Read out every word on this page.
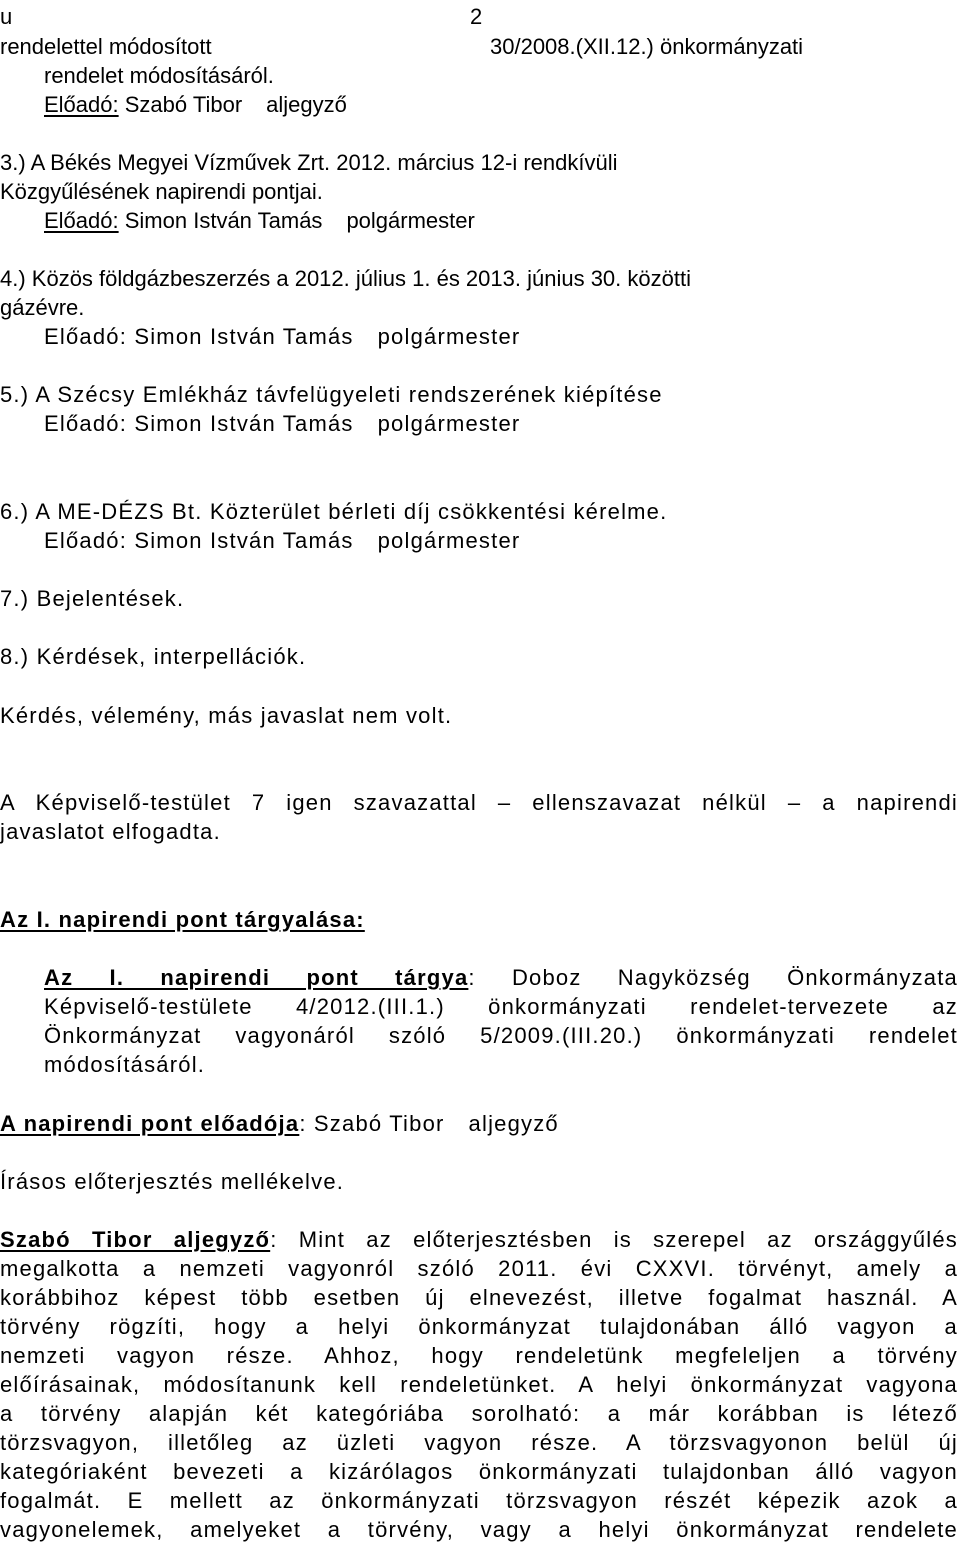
u	2
rendelettel módosított	30/2008.(XII.12.) önkormányzati
rendelet módosításáról.
Előadó: Szabó Tibor aljegyző
3.) A Békés Megyei Vízművek Zrt. 2012. március 12-i rendkívüli
Közgyűlésének napirendi pontjai.
Előadó: Simon István Tamás polgármester
4.) Közös földgázbeszerzés a 2012. július 1. és 2013. június 30. közötti
gázévre.
Előadó: Simon István Tamás polgármester
5.) A Szécsy Emlékház távfelügyeleti rendszerének kiépítése
Előadó: Simon István Tamás polgármester
6.) A ME-DÉZS Bt. Közterület bérleti díj csökkentési kérelme.
Előadó: Simon István Tamás polgármester
7.) Bejelentések.
8.) Kérdések, interpellációk.
Kérdés, vélemény, más javaslat nem volt.
A Képviselő-testület 7 igen szavazattal – ellenszavazat nélkül – a napirendi
javaslatot elfogadta.
Az I. napirendi pont tárgyalása:
Az I. napirendi pont tárgya: Doboz Nagyközség Önkormányzata
Képviselő-testülete 4/2012.(III.1.) önkormányzati rendelet-tervezete az
Önkormányzat vagyonáról szóló 5/2009.(III.20.) önkormányzati rendelet
módosításáról.
A napirendi pont előadója: Szabó Tibor aljegyző
Írásos előterjesztés mellékelve.
Szabó Tibor aljegyző: Mint az előterjesztésben is szerepel az országgyűlés
megalkotta a nemzeti vagyonról szóló 2011. évi CXXVI. törvényt, amely a
korábbihoz képest több esetben új elnevezést, illetve fogalmat használ. A
törvény rögzíti, hogy a helyi önkormányzat tulajdonában álló vagyon a
nemzeti vagyon része. Ahhoz, hogy rendeletünk megfeleljen a törvény
előírásainak, módosítanunk kell rendeletünket. A helyi önkormányzat vagyona
a törvény alapján két kategóriába sorolható: a már korábban is létező
törzsvagyon, illetőleg az üzleti vagyon része. A törzsvagyonon belül új
kategóriaként bevezeti a kizárólagos önkormányzati tulajdonban álló vagyon
fogalmát. E mellett az önkormányzati törzsvagyon részét képezik azok a
vagyonelemek, amelyeket a törvény, vagy a helyi önkormányzat rendelete
